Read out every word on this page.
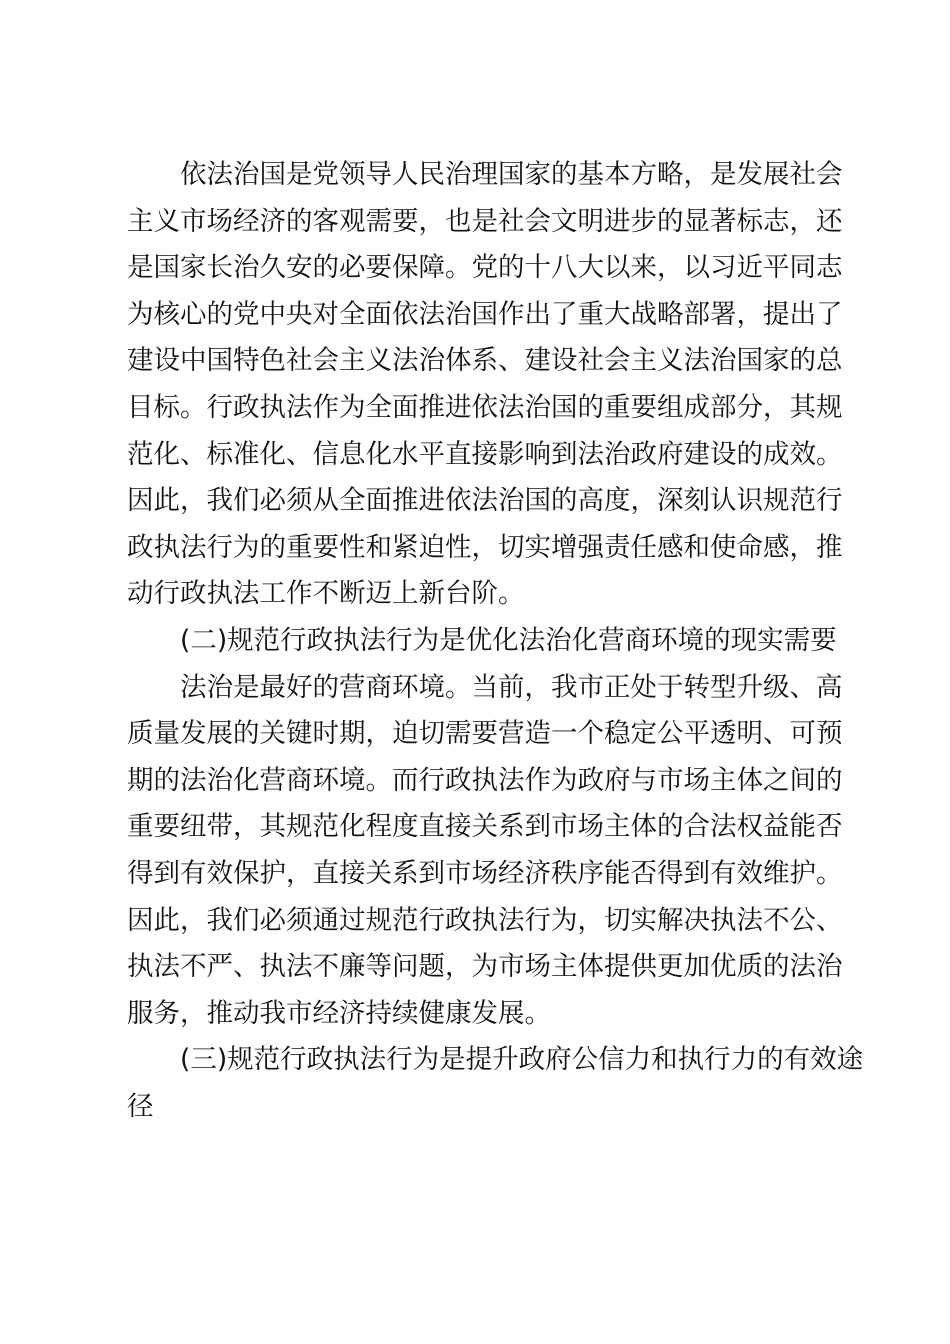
依法治国是党领导人民治理国家的基本方略，是发展社会
主义市场经济的客观需要，也是社会文明进步的显著标志，还
是国家长治久安的必要保障。党的十八大以来，以习近平同志
为核心的党中央对全面依法治国作出了重大战略部署，提出了
建设中国特色社会主义法治体系、建设社会主义法治国家的总
目标。行政执法作为全面推进依法治国的重要组成部分，其规
范化、标准化、信息化水平直接影响到法治政府建设的成效。
因此，我们必须从全面推进依法治国的高度，深刻认识规范行
政执法行为的重要性和紧迫性，切实增强责任感和使命感，推
动行政执法工作不断迈上新台阶。
(二)规范行政执法行为是优化法治化营商环境的现实需要
法治是最好的营商环境。当前，我市正处于转型升级、高
质量发展的关键时期，迫切需要营造一个稳定公平透明、可预
期的法治化营商环境。而行政执法作为政府与市场主体之间的
重要纽带，其规范化程度直接关系到市场主体的合法权益能否
得到有效保护，直接关系到市场经济秩序能否得到有效维护。
因此，我们必须通过规范行政执法行为，切实解决执法不公、
执法不严、执法不廉等问题，为市场主体提供更加优质的法治
服务，推动我市经济持续健康发展。
(三)规范行政执法行为是提升政府公信力和执行力的有效途
径
